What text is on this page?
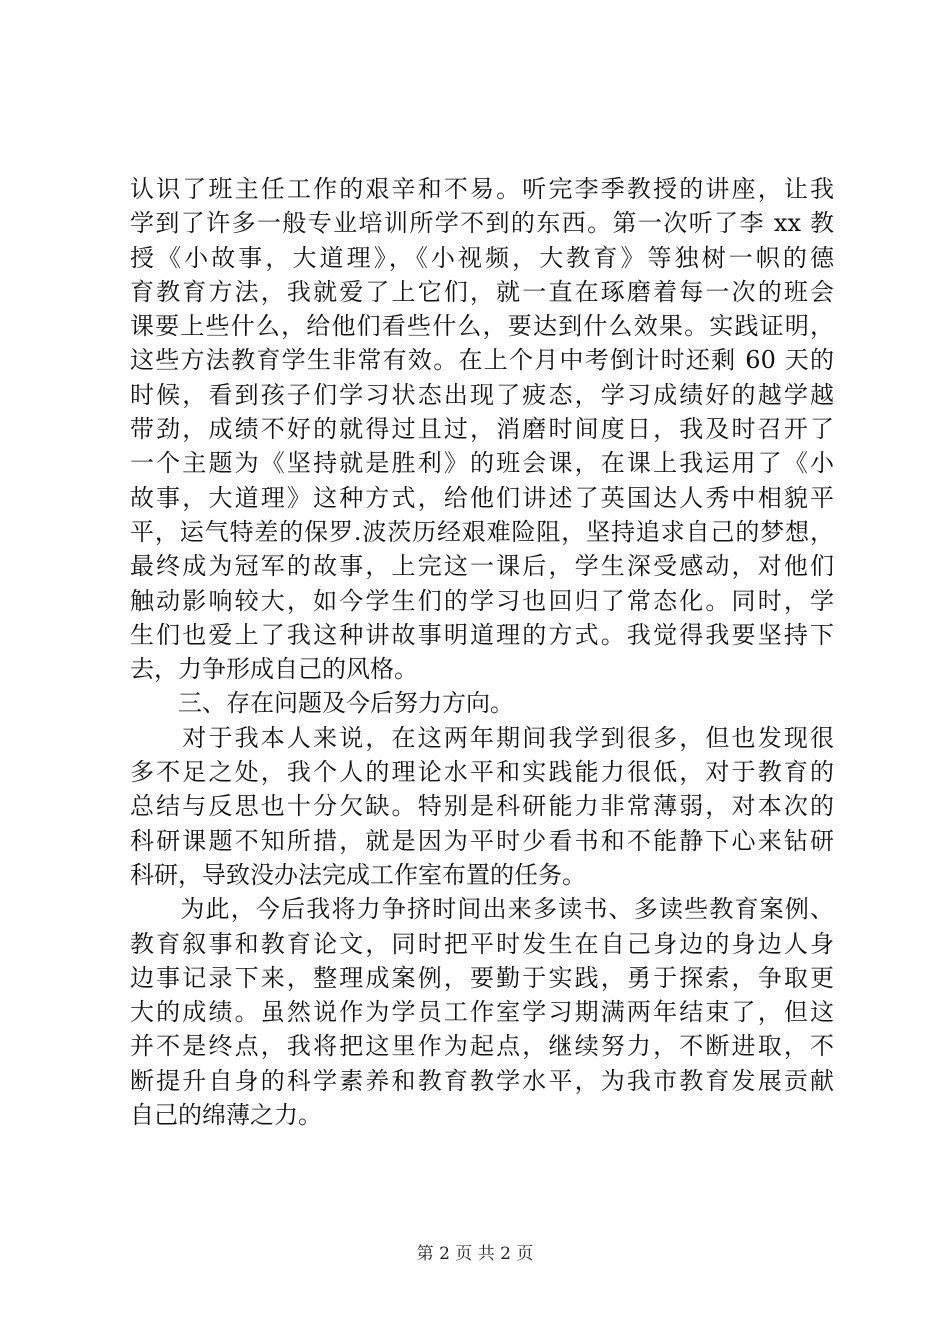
认识了班主任工作的艰辛和不易。听完李季教授的讲座，让我
学到了许多一般专业培训所学不到的东西。第一次听了李 xx 教
授《小故事，大道理》，《小视频，大教育》等独树一帜的德
育教育方法，我就爱了上它们，就一直在琢磨着每一次的班会
课要上些什么，给他们看些什么，要达到什么效果。实践证明，
这些方法教育学生非常有效。在上个月中考倒计时还剩 60 天的
时候，看到孩子们学习状态出现了疲态，学习成绩好的越学越
带劲，成绩不好的就得过且过，消磨时间度日，我及时召开了
一个主题为《坚持就是胜利》的班会课，在课上我运用了《小
故事，大道理》这种方式，给他们讲述了英国达人秀中相貌平
平，运气特差的保罗.波茨历经艰难险阻，坚持追求自己的梦想，
最终成为冠军的故事，上完这一课后，学生深受感动，对他们
触动影响较大，如今学生们的学习也回归了常态化。同时，学
生们也爱上了我这种讲故事明道理的方式。我觉得我要坚持下
去，力争形成自己的风格。
　　三、存在问题及今后努力方向。
　　对于我本人来说，在这两年期间我学到很多，但也发现很
多不足之处，我个人的理论水平和实践能力很低，对于教育的
总结与反思也十分欠缺。特别是科研能力非常薄弱，对本次的
科研课题不知所措，就是因为平时少看书和不能静下心来钻研
科研，导致没办法完成工作室布置的任务。
　　为此，今后我将力争挤时间出来多读书、多读些教育案例、
教育叙事和教育论文，同时把平时发生在自己身边的身边人身
边事记录下来，整理成案例，要勤于实践，勇于探索，争取更
大的成绩。虽然说作为学员工作室学习期满两年结束了，但这
并不是终点，我将把这里作为起点，继续努力，不断进取，不
断提升自身的科学素养和教育教学水平，为我市教育发展贡献
自己的绵薄之力。
第 2 页 共 2 页
